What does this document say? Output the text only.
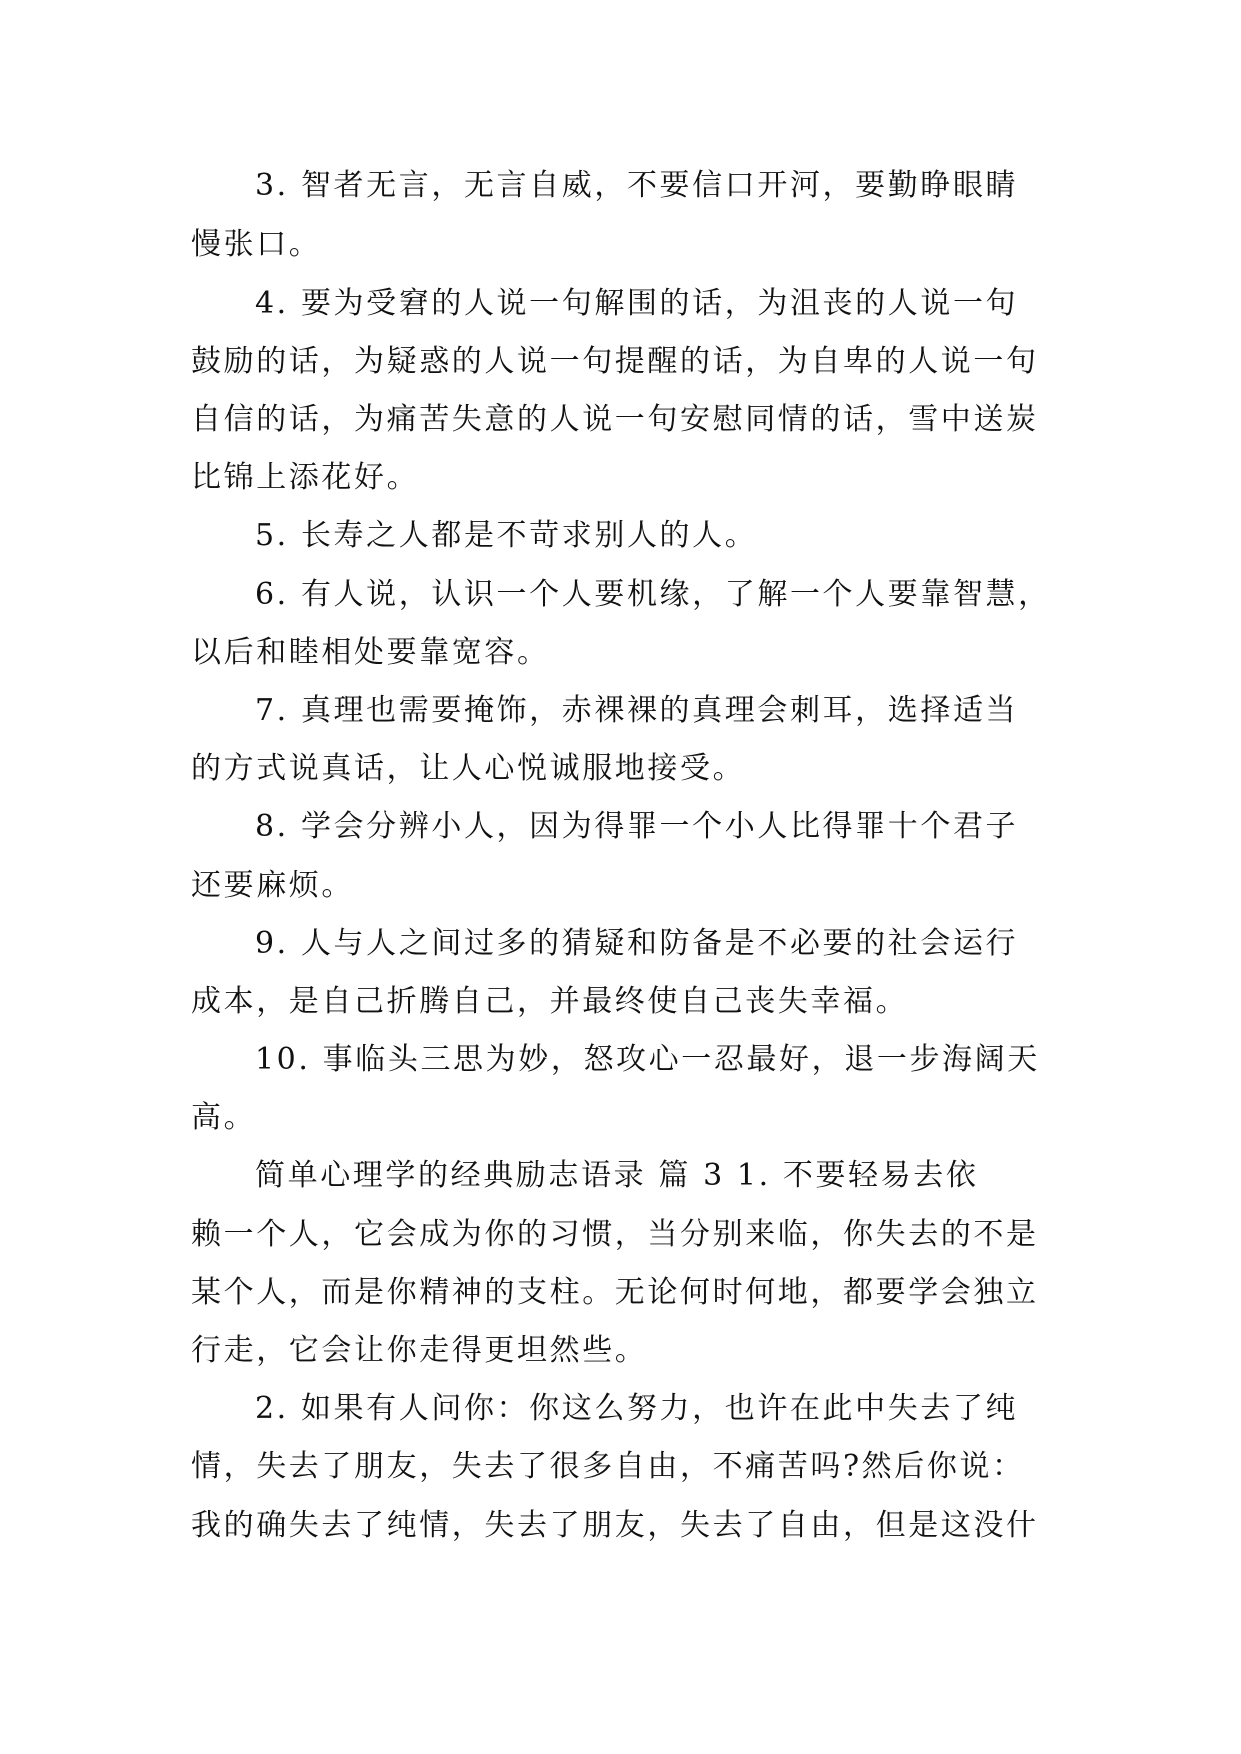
3. 智者无言，无言自威，不要信口开河，要勤睁眼睛
慢张口。
4. 要为受窘的人说一句解围的话，为沮丧的人说一句
鼓励的话，为疑惑的人说一句提醒的话，为自卑的人说一句
自信的话，为痛苦失意的人说一句安慰同情的话，雪中送炭
比锦上添花好。
5. 长寿之人都是不苛求别人的人。
6. 有人说，认识一个人要机缘，了解一个人要靠智慧，
以后和睦相处要靠宽容。
7. 真理也需要掩饰，赤裸裸的真理会刺耳，选择适当
的方式说真话，让人心悦诚服地接受。
8. 学会分辨小人，因为得罪一个小人比得罪十个君子
还要麻烦。
9. 人与人之间过多的猜疑和防备是不必要的社会运行
成本，是自己折腾自己，并最终使自己丧失幸福。
10. 事临头三思为妙，怒攻心一忍最好，退一步海阔天
高。
简单心理学的经典励志语录 篇 3 1. 不要轻易去依
赖一个人，它会成为你的习惯，当分别来临，你失去的不是
某个人，而是你精神的支柱。无论何时何地，都要学会独立
行走，它会让你走得更坦然些。
2. 如果有人问你：你这么努力，也许在此中失去了纯
情，失去了朋友，失去了很多自由，不痛苦吗?然后你说：
我的确失去了纯情，失去了朋友，失去了自由，但是这没什
